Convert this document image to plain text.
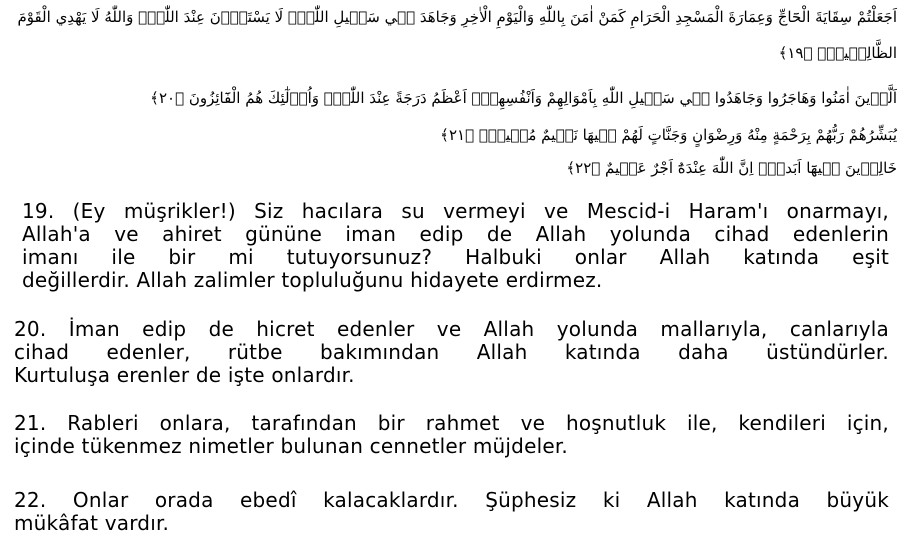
اَجَعَلْتُمْ سِقَايَةَ الْحَٓاجِّ وَعِمَارَةَ الْمَسْجِدِ الْحَرَامِ كَمَنْ اٰمَنَ بِاللّٰهِ وَالْيَوْمِ الْاٰخِرِ وَجَاهَدَ ف۪ي سَب۪يلِ اللّٰهِۜ لَا يَسْتَوُ۫نَ عِنْدَ اللّٰهِۜ وَاللّٰهُ لَا يَهْدِي الْقَوْمَ
الظَّالِم۪ينَۘ ﴿١٩﴾
اَلَّذ۪ينَ اٰمَنُوا وَهَاجَرُوا وَجَاهَدُوا ف۪ي سَب۪يلِ اللّٰهِ بِاَمْوَالِهِمْ وَاَنْفُسِهِمْۙ اَعْظَمُ دَرَجَةً عِنْدَ اللّٰهِۜ وَاُو۬لٰٓئِكَ هُمُ الْفَٓائِزُونَ ﴿٢٠﴾
يُبَشِّرُهُمْ رَبُّهُمْ بِرَحْمَةٍ مِنْهُ وَرِضْوَانٍ وَجَنَّاتٍ لَهُمْ ف۪يهَا نَع۪يمٌ مُق۪يمٌۙ ﴿٢١﴾
خَالِد۪ينَ ف۪يهَٓا اَبَداًۜ اِنَّ اللّٰهَ عِنْدَهُٓ اَجْرٌ عَظ۪يمٌ ﴿٢٢﴾
19. (Ey müşrikler!) Siz hacılara su vermeyi ve Mescid-i Haram'ı onarmayı,
Allah'a ve ahiret gününe iman edip de Allah yolunda cihad edenlerin
imanı ile bir mi tutuyorsunuz? Halbuki onlar Allah katında eşit
değillerdir. Allah zalimler topluluğunu hidayete erdirmez.
20. İman edip de hicret edenler ve Allah yolunda mallarıyla, canlarıyla
cihad edenler, rütbe bakımından Allah katında daha üstündürler.
Kurtuluşa erenler de işte onlardır.
21. Rableri onlara, tarafından bir rahmet ve hoşnutluk ile, kendileri için,
içinde tükenmez nimetler bulunan cennetler müjdeler.
22. Onlar orada ebedî kalacaklardır. Şüphesiz ki Allah katında büyük
mükâfat vardır.
